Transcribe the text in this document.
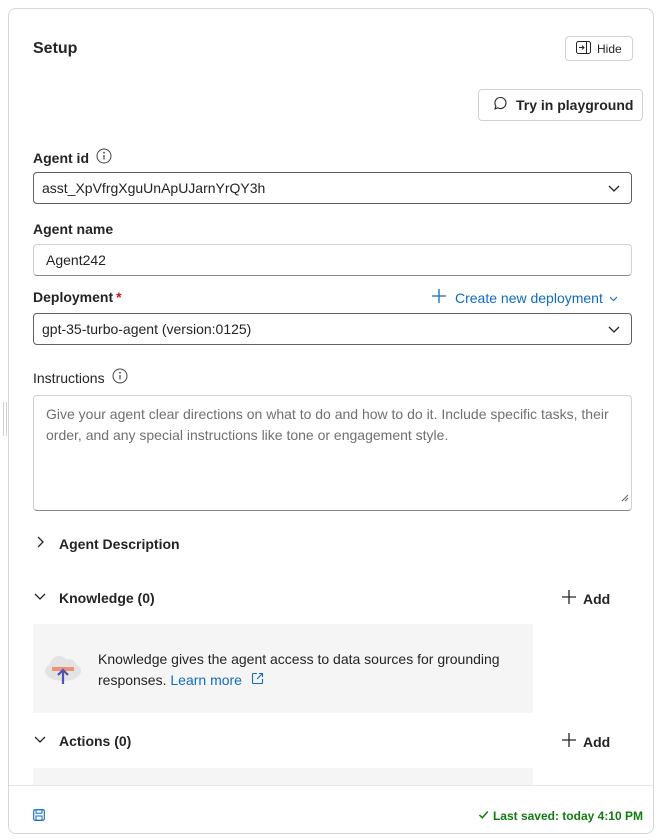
Setup	Hide
Try in playground
Agent id
asst_XpVfrgXguUnApUJarnYrQY3h
Agent name
Agent242
Deployment *	Create new deployment
gpt-35-turbo-agent (version:0125)
Instructions
Give your agent clear directions on what to do and how to do it. Include specific tasks, their order, and any special instructions like tone or engagement style.
Agent Description
Knowledge (0)	Add
Knowledge gives the agent access to data sources for grounding responses. Learn more
Actions (0)	Add
Last saved: today 4:10 PM
